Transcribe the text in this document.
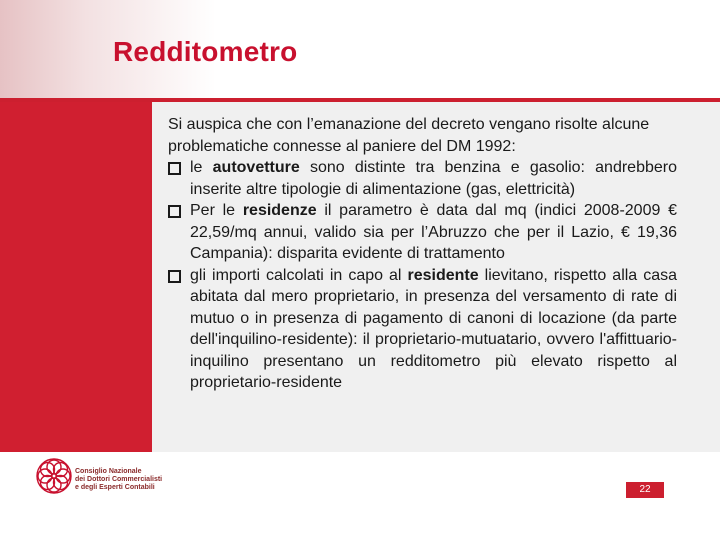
Redditometro

Si auspica che con l’emanazione del decreto vengano risolte alcune problematiche connesse al paniere del DM 1992:

le autovetture sono distinte tra benzina e gasolio: andrebbero inserite altre tipologie di alimentazione (gas, elettricità)

Per le residenze il parametro è data dal mq (indici 2008-2009 € 22,59/mq annui, valido sia per l’Abruzzo che per il Lazio, € 19,36 Campania): disparita evidente di trattamento

gli importi calcolati in capo al residente lievitano, rispetto alla casa abitata dal mero proprietario, in presenza del versamento di rate di mutuo o in presenza di pagamento di canoni di locazione (da parte dell'inquilino-residente): il proprietario-mutuatario, ovvero l'affittuario-inquilino presentano un redditometro più elevato rispetto al proprietario-residente

Consiglio Nazionale
dei Dottori Commercialisti
e degli Esperti Contabili	22
